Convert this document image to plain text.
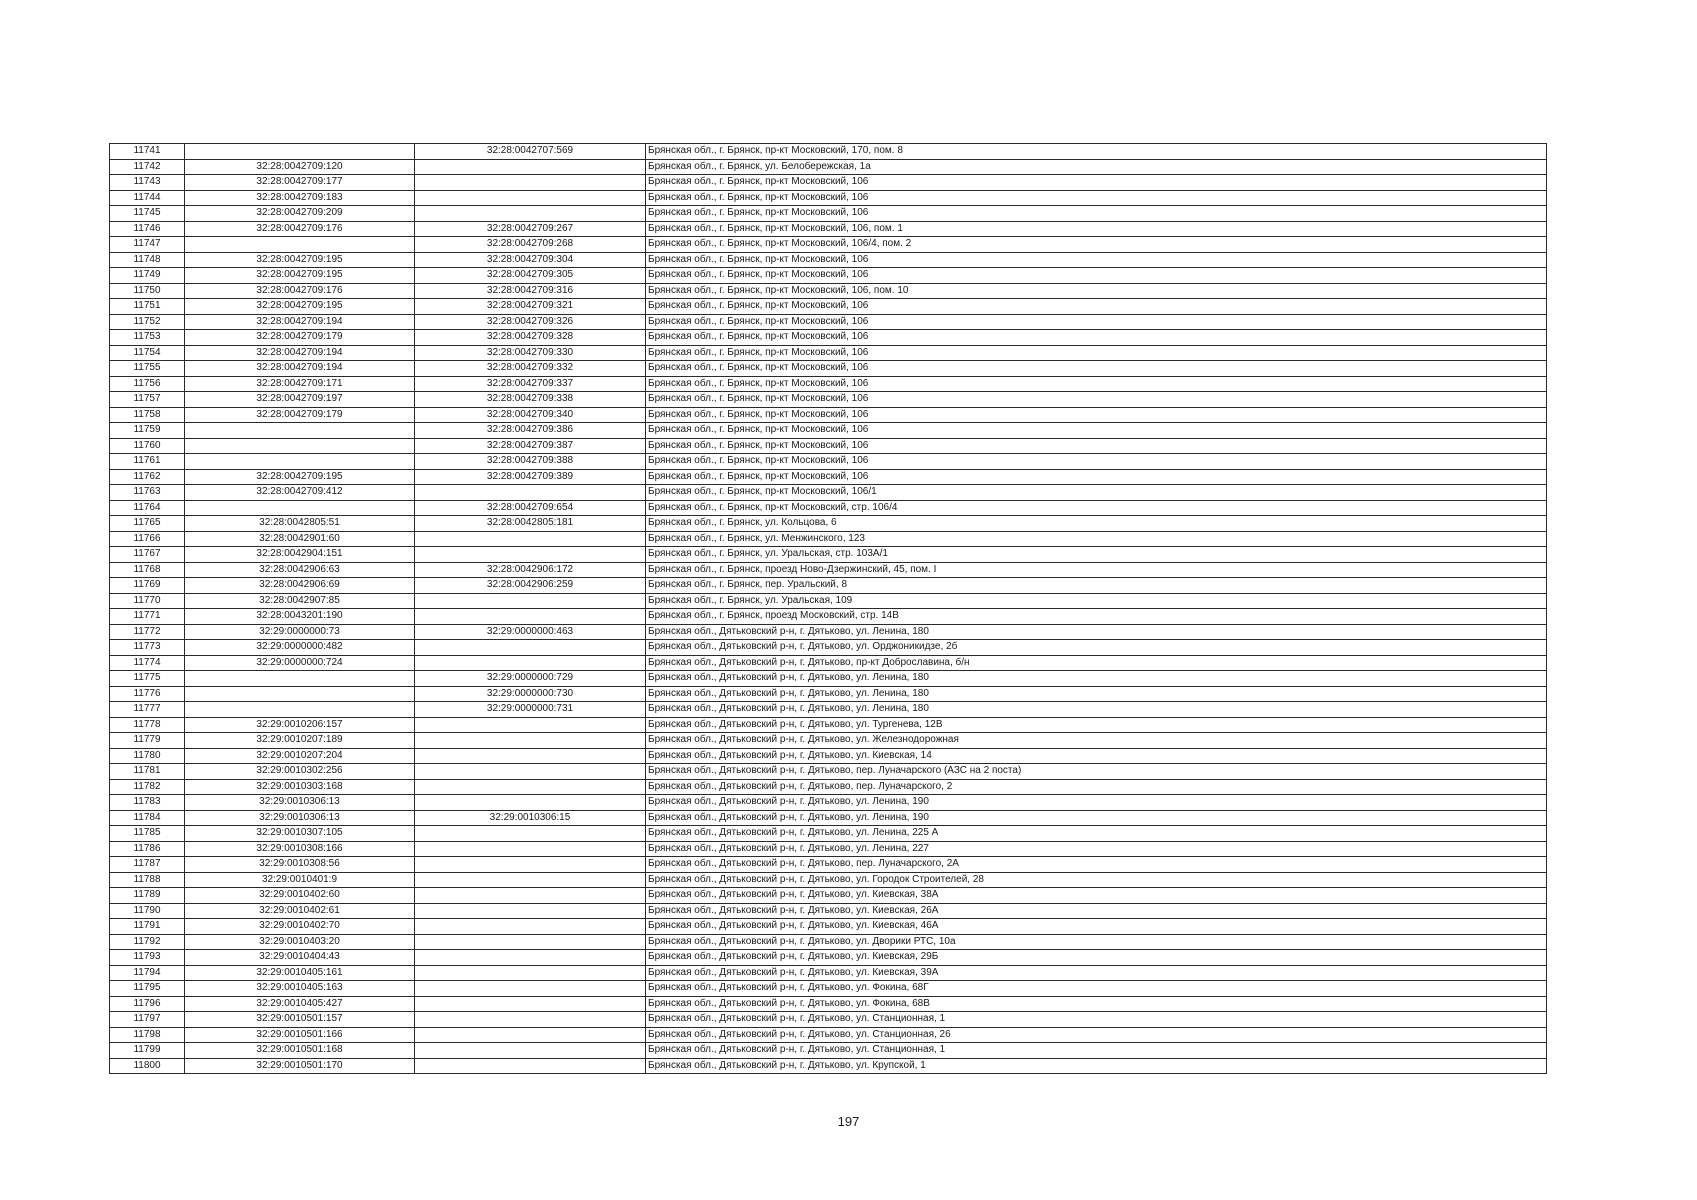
11741		32:28:0042707:569	Брянская обл., г. Брянск, пр-кт Московский, 170, пом. 8
11742	32:28:0042709:120		Брянская обл., г. Брянск, ул. Белобережская, 1а
11743	32:28:0042709:177		Брянская обл., г. Брянск, пр-кт Московский, 106
11744	32:28:0042709:183		Брянская обл., г. Брянск, пр-кт Московский, 106
11745	32:28:0042709:209		Брянская обл., г. Брянск, пр-кт Московский, 106
11746	32:28:0042709:176	32:28:0042709:267	Брянская обл., г. Брянск, пр-кт Московский, 106, пом. 1
11747		32:28:0042709:268	Брянская обл., г. Брянск, пр-кт Московский, 106/4, пом. 2
11748	32:28:0042709:195	32:28:0042709:304	Брянская обл., г. Брянск, пр-кт Московский, 106
11749	32:28:0042709:195	32:28:0042709:305	Брянская обл., г. Брянск, пр-кт Московский, 106
11750	32:28:0042709:176	32:28:0042709:316	Брянская обл., г. Брянск, пр-кт Московский, 106, пом. 10
11751	32:28:0042709:195	32:28:0042709:321	Брянская обл., г. Брянск, пр-кт Московский, 106
11752	32:28:0042709:194	32:28:0042709:326	Брянская обл., г. Брянск, пр-кт Московский, 106
11753	32:28:0042709:179	32:28:0042709:328	Брянская обл., г. Брянск, пр-кт Московский, 106
11754	32:28:0042709:194	32:28:0042709:330	Брянская обл., г. Брянск, пр-кт Московский, 106
11755	32:28:0042709:194	32:28:0042709:332	Брянская обл., г. Брянск, пр-кт Московский, 106
11756	32:28:0042709:171	32:28:0042709:337	Брянская обл., г. Брянск, пр-кт Московский, 106
11757	32:28:0042709:197	32:28:0042709:338	Брянская обл., г. Брянск, пр-кт Московский, 106
11758	32:28:0042709:179	32:28:0042709:340	Брянская обл., г. Брянск, пр-кт Московский, 106
11759		32:28:0042709:386	Брянская обл., г. Брянск, пр-кт Московский, 106
11760		32:28:0042709:387	Брянская обл., г. Брянск, пр-кт Московский, 106
11761		32:28:0042709:388	Брянская обл., г. Брянск, пр-кт Московский, 106
11762	32:28:0042709:195	32:28:0042709:389	Брянская обл., г. Брянск, пр-кт Московский, 106
11763	32:28:0042709:412		Брянская обл., г. Брянск, пр-кт Московский, 106/1
11764		32:28:0042709:654	Брянская обл., г. Брянск, пр-кт Московский, стр. 106/4
11765	32:28:0042805:51	32:28:0042805:181	Брянская обл., г. Брянск, ул. Кольцова, 6
11766	32:28:0042901:60		Брянская обл., г. Брянск, ул. Менжинского, 123
11767	32:28:0042904:151		Брянская обл., г. Брянск, ул. Уральская, стр. 103А/1
11768	32:28:0042906:63	32:28:0042906:172	Брянская обл., г. Брянск, проезд Ново-Дзержинский, 45, пом. I
11769	32:28:0042906:69	32:28:0042906:259	Брянская обл., г. Брянск, пер. Уральский, 8
11770	32:28:0042907:85		Брянская обл., г. Брянск, ул. Уральская, 109
11771	32:28:0043201:190		Брянская обл., г. Брянск, проезд Московский, стр. 14В
11772	32:29:0000000:73	32:29:0000000:463	Брянская обл., Дятьковский р-н, г. Дятьково, ул. Ленина, 180
11773	32:29:0000000:482		Брянская обл., Дятьковский р-н, г. Дятьково, ул. Орджоникидзе, 2б
11774	32:29:0000000:724		Брянская обл., Дятьковский р-н, г. Дятьково, пр-кт Доброславина, б/н
11775		32:29:0000000:729	Брянская обл., Дятьковский р-н, г. Дятьково, ул. Ленина, 180
11776		32:29:0000000:730	Брянская обл., Дятьковский р-н, г. Дятьково, ул. Ленина, 180
11777		32:29:0000000:731	Брянская обл., Дятьковский р-н, г. Дятьково, ул. Ленина, 180
11778	32:29:0010206:157		Брянская обл., Дятьковский р-н, г. Дятьково, ул. Тургенева, 12В
11779	32:29:0010207:189		Брянская обл., Дятьковский р-н, г. Дятьково, ул. Железнодорожная
11780	32:29:0010207:204		Брянская обл., Дятьковский р-н, г. Дятьково, ул. Киевская, 14
11781	32:29:0010302:256		Брянская обл., Дятьковский р-н, г. Дятьково, пер. Луначарского (АЗС на 2 поста)
11782	32:29:0010303:168		Брянская обл., Дятьковский р-н, г. Дятьково, пер. Луначарского, 2
11783	32:29:0010306:13		Брянская обл., Дятьковский р-н, г. Дятьково, ул. Ленина, 190
11784	32:29:0010306:13	32:29:0010306:15	Брянская обл., Дятьковский р-н, г. Дятьково, ул. Ленина, 190
11785	32:29:0010307:105		Брянская обл., Дятьковский р-н, г. Дятьково, ул. Ленина, 225 А
11786	32:29:0010308:166		Брянская обл., Дятьковский р-н, г. Дятьково, ул. Ленина, 227
11787	32:29:0010308:56		Брянская обл., Дятьковский р-н, г. Дятьково, пер. Луначарского, 2А
11788	32:29:0010401:9		Брянская обл., Дятьковский р-н, г. Дятьково, ул. Городок Строителей, 28
11789	32:29:0010402:60		Брянская обл., Дятьковский р-н, г. Дятьково, ул. Киевская, 38А
11790	32:29:0010402:61		Брянская обл., Дятьковский р-н, г. Дятьково, ул. Киевская, 26А
11791	32:29:0010402:70		Брянская обл., Дятьковский р-н, г. Дятьково, ул. Киевская, 46А
11792	32:29:0010403:20		Брянская обл., Дятьковский р-н, г. Дятьково, ул. Дворики РТС, 10а
11793	32:29:0010404:43		Брянская обл., Дятьковский р-н, г. Дятьково, ул. Киевская, 29Б
11794	32:29:0010405:161		Брянская обл., Дятьковский р-н, г. Дятьково, ул. Киевская, 39А
11795	32:29:0010405:163		Брянская обл., Дятьковский р-н, г. Дятьково, ул. Фокина, 68Г
11796	32:29:0010405:427		Брянская обл., Дятьковский р-н, г. Дятьково, ул. Фокина, 68В
11797	32:29:0010501:157		Брянская обл., Дятьковский р-н, г. Дятьково, ул. Станционная, 1
11798	32:29:0010501:166		Брянская обл., Дятьковский р-н, г. Дятьково, ул. Станционная, 26
11799	32:29:0010501:168		Брянская обл., Дятьковский р-н, г. Дятьково, ул. Станционная, 1
11800	32:29:0010501:170		Брянская обл., Дятьковский р-н, г. Дятьково, ул. Крупской, 1
197
